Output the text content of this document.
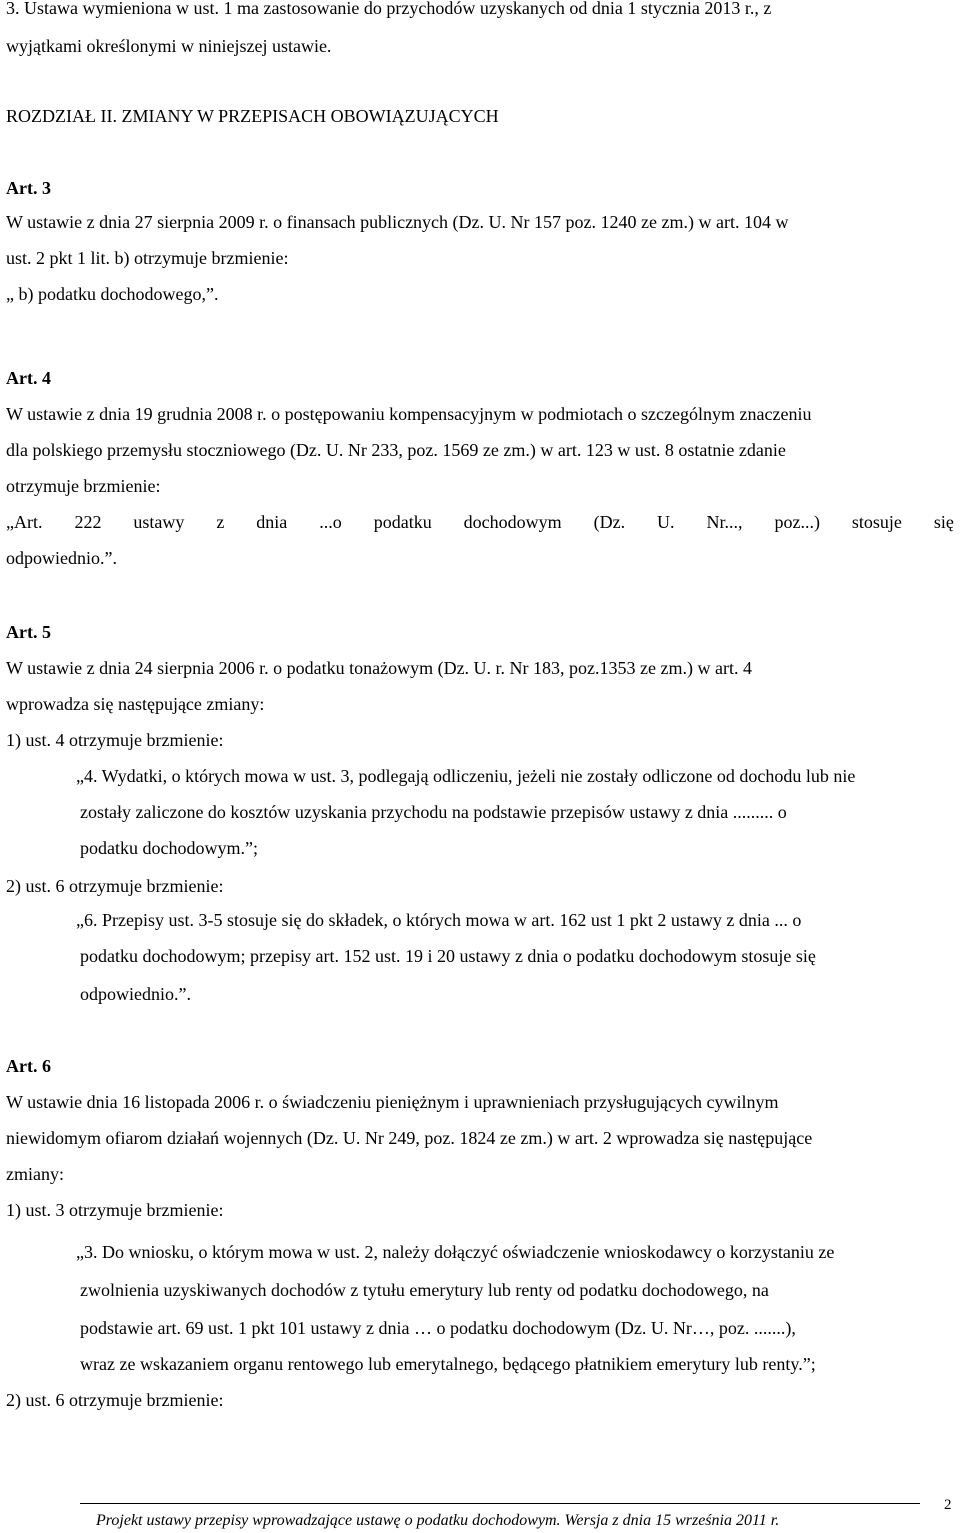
3. Ustawa wymieniona w ust. 1 ma zastosowanie do przychodów uzyskanych od dnia 1 stycznia 2013 r., z
wyjątkami określonymi w niniejszej ustawie.
ROZDZIAŁ II. ZMIANY W PRZEPISACH OBOWIĄZUJĄCYCH
Art. 3
W ustawie z dnia 27 sierpnia 2009 r. o finansach publicznych (Dz. U. Nr 157 poz. 1240 ze zm.) w art. 104 w
ust. 2 pkt 1 lit. b) otrzymuje brzmienie:
„ b) podatku dochodowego,”.
Art. 4
W ustawie z dnia 19 grudnia 2008 r. o postępowaniu kompensacyjnym w podmiotach o szczególnym znaczeniu
dla polskiego przemysłu stoczniowego (Dz. U. Nr 233, poz. 1569 ze zm.) w art. 123 w ust. 8 ostatnie zdanie
otrzymuje brzmienie:
„Art. 222 ustawy z dnia ...o podatku dochodowym (Dz. U. Nr..., poz...) stosuje się
odpowiednio.”.
Art. 5
W ustawie z dnia 24 sierpnia 2006 r. o podatku tonażowym (Dz. U. r. Nr 183, poz.1353 ze zm.) w art. 4
wprowadza się następujące zmiany:
1) ust. 4 otrzymuje brzmienie:
„4. Wydatki, o których mowa w ust. 3, podlegają odliczeniu, jeżeli nie zostały odliczone od dochodu lub nie
zostały zaliczone do kosztów uzyskania przychodu na podstawie przepisów ustawy z dnia ......... o
podatku dochodowym.”;
2) ust. 6 otrzymuje brzmienie:
„6. Przepisy ust. 3-5 stosuje się do składek, o których mowa w art. 162 ust 1 pkt 2 ustawy z dnia ... o
podatku dochodowym; przepisy art. 152 ust. 19 i 20 ustawy z dnia o podatku dochodowym stosuje się
odpowiednio.”.
Art. 6
W ustawie dnia 16 listopada 2006 r. o świadczeniu pieniężnym i uprawnieniach przysługujących cywilnym
niewidomym ofiarom działań wojennych (Dz. U. Nr 249, poz. 1824 ze zm.) w art. 2 wprowadza się następujące
zmiany:
1) ust. 3 otrzymuje brzmienie:
„3. Do wniosku, o którym mowa w ust. 2, należy dołączyć oświadczenie wnioskodawcy o korzystaniu ze
zwolnienia uzyskiwanych dochodów z tytułu emerytury lub renty od podatku dochodowego, na
podstawie art. 69 ust. 1 pkt 101 ustawy z dnia … o podatku dochodowym (Dz. U. Nr…, poz. .......),
wraz ze wskazaniem organu rentowego lub emerytalnego, będącego płatnikiem emerytury lub renty.”;
2) ust. 6 otrzymuje brzmienie:
Projekt ustawy przepisy wprowadzające ustawę o podatku dochodowym. Wersja z dnia 15 września 2011 r.
2
